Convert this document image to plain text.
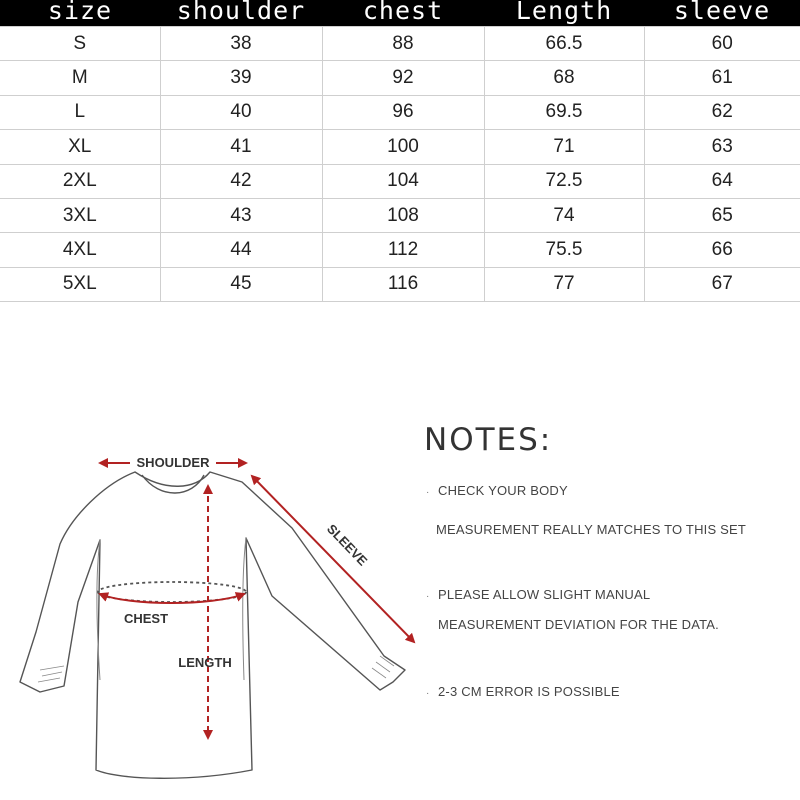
size	shoulder	chest	Length	sleeve
S	38	88	66.5	60
M	39	92	68	61
L	40	96	69.5	62
XL	41	100	71	63
2XL	42	104	72.5	64
3XL	43	108	74	65
4XL	44	112	75.5	66
5XL	45	116	77	67
SHOULDER
SLEEVE
CHEST
LENGTH
NOTES:
· CHECK YOUR BODY
MEASUREMENT REALLY MATCHES TO THIS SET
· PLEASE ALLOW SLIGHT MANUAL
MEASUREMENT DEVIATION FOR THE DATA.
· 2-3 CM ERROR IS POSSIBLE
